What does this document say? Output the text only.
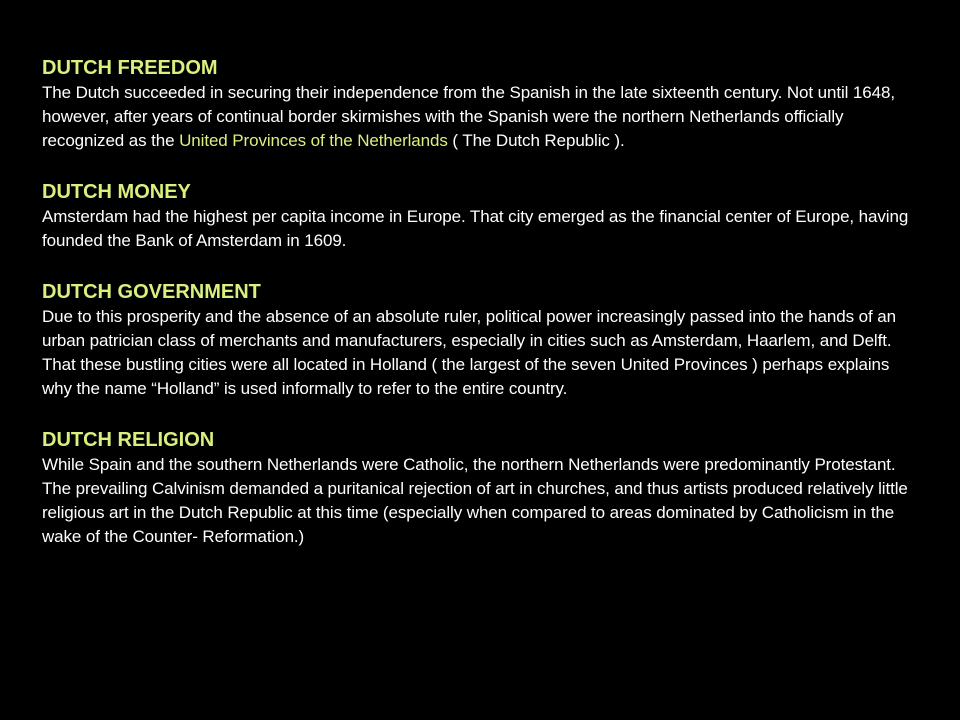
DUTCH FREEDOM

The Dutch succeeded in securing their independence from the Spanish in the late sixteenth century. Not until 1648, however, after years of continual border skirmishes with the Spanish were the northern Netherlands officially recognized as the United Provinces of the Netherlands ( The Dutch Republic ).

DUTCH MONEY

Amsterdam had the highest per capita income in Europe. That city emerged as the financial center of Europe, having founded the Bank of Amsterdam in 1609.

DUTCH GOVERNMENT

Due to this prosperity and the absence of an absolute ruler, political power increasingly passed into the hands of an urban patrician class of merchants and manufacturers, especially in cities such as Amsterdam, Haarlem, and Delft. That these bustling cities were all located in Holland ( the largest of the seven United Provinces ) perhaps explains why the name “Holland” is used informally to refer to the entire country.

DUTCH RELIGION

While Spain and the southern Netherlands were Catholic, the northern Netherlands were predominantly Protestant. The prevailing Calvinism demanded a puritanical rejection of art in churches, and thus artists produced relatively little religious art in the Dutch Republic at this time (especially when compared to areas dominated by Catholicism in the wake of the Counter- Reformation.)
